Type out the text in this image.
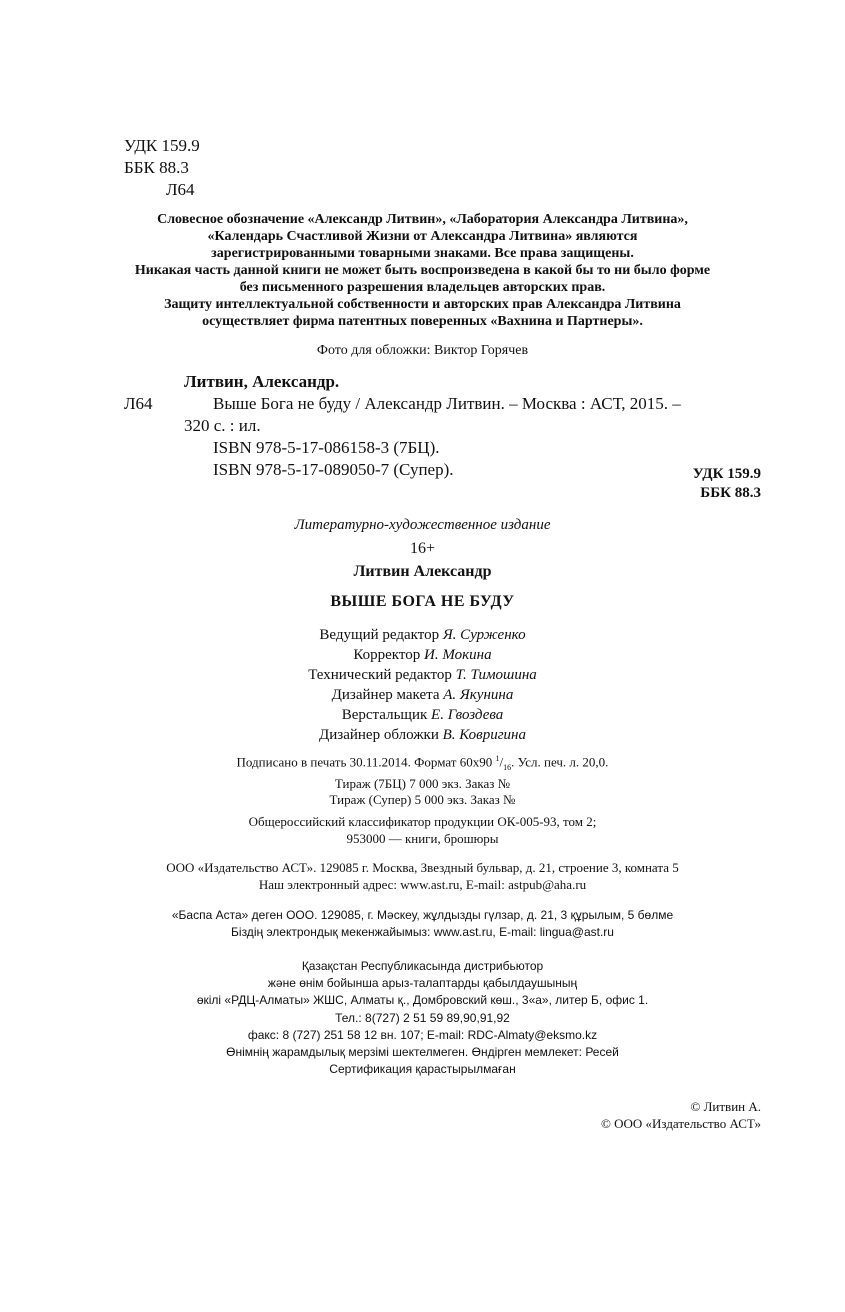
УДК 159.9
ББК 88.3
Л64
Словесное обозначение «Александр Литвин», «Лаборатория Александра Литвина»,
«Календарь Счастливой Жизни от Александра Литвина» являются
зарегистрированными товарными знаками. Все права защищены.
Никакая часть данной книги не может быть воспроизведена в какой бы то ни было форме
без письменного разрешения владельцев авторских прав.
Защиту интеллектуальной собственности и авторских прав Александра Литвина
осуществляет фирма патентных поверенных «Вахнина и Партнеры».
Фото для обложки: Виктор Горячев
Литвин, Александр.
Л64	Выше Бога не буду / Александр Литвин. – Москва : АСТ, 2015. –
320 с. : ил.
ISBN 978-5-17-086158-3 (7БЦ).
ISBN 978-5-17-089050-7 (Супер).	УДК 159.9
ББК 88.3
Литературно-художественное издание
16+
Литвин Александр
ВЫШЕ БОГА НЕ БУДУ
Ведущий редактор Я. Сурженко
Корректор И. Мокина
Технический редактор Т. Тимошина
Дизайнер макета А. Якунина
Верстальщик Е. Гвоздева
Дизайнер обложки В. Ковригина
Подписано в печать 30.11.2014. Формат 60х90 $^1/_{16}$. Усл. печ. л. 20,0.
Тираж (7БЦ) 7 000 экз. Заказ №
Тираж (Супер) 5 000 экз. Заказ №
Общероссийский классификатор продукции ОК-005-93, том 2;
953000 — книги, брошюры
ООО «Издательство АСТ». 129085 г. Москва, Звездный бульвар, д. 21, строение 3, комната 5
Наш электронный адрес: www.ast.ru, E-mail: astpub@aha.ru
«Баспа Аста» деген ООО. 129085, г. Мәскеу, жұлдызды гүлзар, д. 21, 3 құрылым, 5 бөлме
Біздің электрондық мекенжайымыз: www.ast.ru, E-mail: lingua@ast.ru
Қазақстан Республикасында дистрибьютор
және өнім бойынша арыз-талаптарды қабылдаушының
өкілі «РДЦ-Алматы» ЖШС, Алматы қ., Домбровский көш., 3«а», литер Б, офис 1.
Тел.: 8(727) 2 51 59 89,90,91,92
факс: 8 (727) 251 58 12 вн. 107; E-mail: RDC-Almaty@eksmo.kz
Өнімнің жарамдылық мерзімі шектелмеген. Өндірген мемлекет: Ресей
Сертификация қарастырылмаған
© Литвин А.
© ООО «Издательство АСТ»
